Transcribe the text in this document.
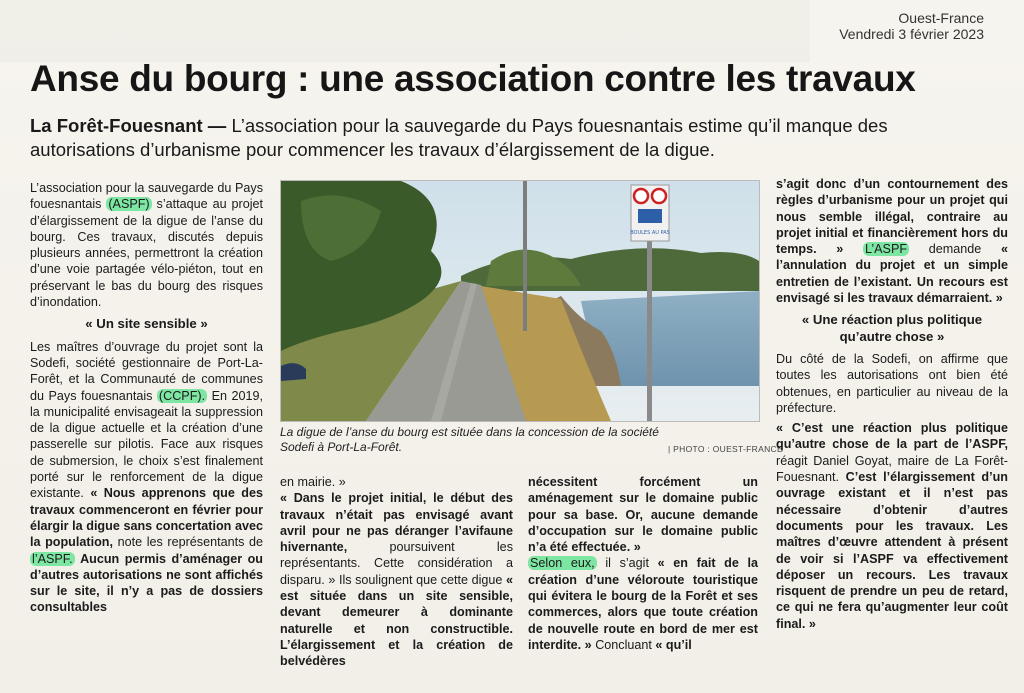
Ouest-France
Vendredi 3 février 2023
Anse du bourg : une association contre les travaux
La Forêt-Fouesnant — L’association pour la sauvegarde du Pays fouesnantais estime qu’il manque des autorisations d’urbanisme pour commencer les travaux d’élargissement de la digue.

L’association pour la sauvegarde du Pays fouesnantais (ASPF) s’attaque au projet d’élargissement de la digue de l’anse du bourg. Ces travaux, discutés depuis plusieurs années, permettront la création d’une voie partagée vélo-piéton, tout en préservant le bas du bourg des risques d’inondation.

« Un site sensible »

Les maîtres d’ouvrage du projet sont la Sodefi, société gestionnaire de Port-La-Forêt, et la Communauté de communes du Pays fouesnantais (CCPF). En 2019, la municipalité envisageait la suppression de la digue actuelle et la création d’une passerelle sur pilotis. Face aux risques de submersion, le choix s’est finalement porté sur le renforcement de la digue existante. « Nous apprenons que des travaux commenceront en février pour élargir la digue sans concertation avec la population, note les représentants de l’ASPF. Aucun permis d’aménager ou d’autres autorisations ne sont affichés sur le site, il n’y a pas de dossiers consultables

BOULES AU PAS
La digue de l’anse du bourg est située dans la concession de la société Sodefi à Port-La-Forêt.	| PHOTO : OUEST-FRANCE

en mairie. »

« Dans le projet initial, le début des travaux n’était pas envisagé avant avril pour ne pas déranger l’avifaune hivernante,	poursuivent les représentants. Cette considération a disparu. » Ils soulignent que cette digue « est située dans un site sensible, devant demeurer à dominante naturelle et non constructible. L’élargissement et la création de belvédères

nécessitent forcément un aménagement sur le domaine public pour sa base. Or, aucune demande d’occupation sur le domaine public n’a été effectuée. »

Selon eux, il s’agit « en fait de la création d’une véloroute touristique qui évitera le bourg de la Forêt et ses commerces, alors que toute création de nouvelle route en bord de mer est interdite. » Concluant « qu’il

s’agit donc d’un contournement des règles d’urbanisme pour un projet qui nous semble illégal, contraire au projet initial et financièrement hors du temps. » L’ASPF demande « l’annulation du projet et un simple entretien de l’existant. Un recours est envisagé si les travaux démarraient. »

« Une réaction plus politique qu’autre chose »

Du côté de la Sodefi, on affirme que toutes les autorisations ont bien été obtenues, en particulier au niveau de la préfecture.

« C’est une réaction plus politique qu’autre chose de la part de l’ASPF, réagit Daniel Goyat, maire de La Forêt-Fouesnant. C’est l’élargissement d’un ouvrage existant et il n’est pas nécessaire d’obtenir d’autres documents pour les travaux. Les maîtres d’œuvre attendent à présent de voir si l’ASPF va effectivement déposer un recours. Les travaux risquent de prendre un peu de retard, ce qui ne fera qu’augmenter leur coût final. »
